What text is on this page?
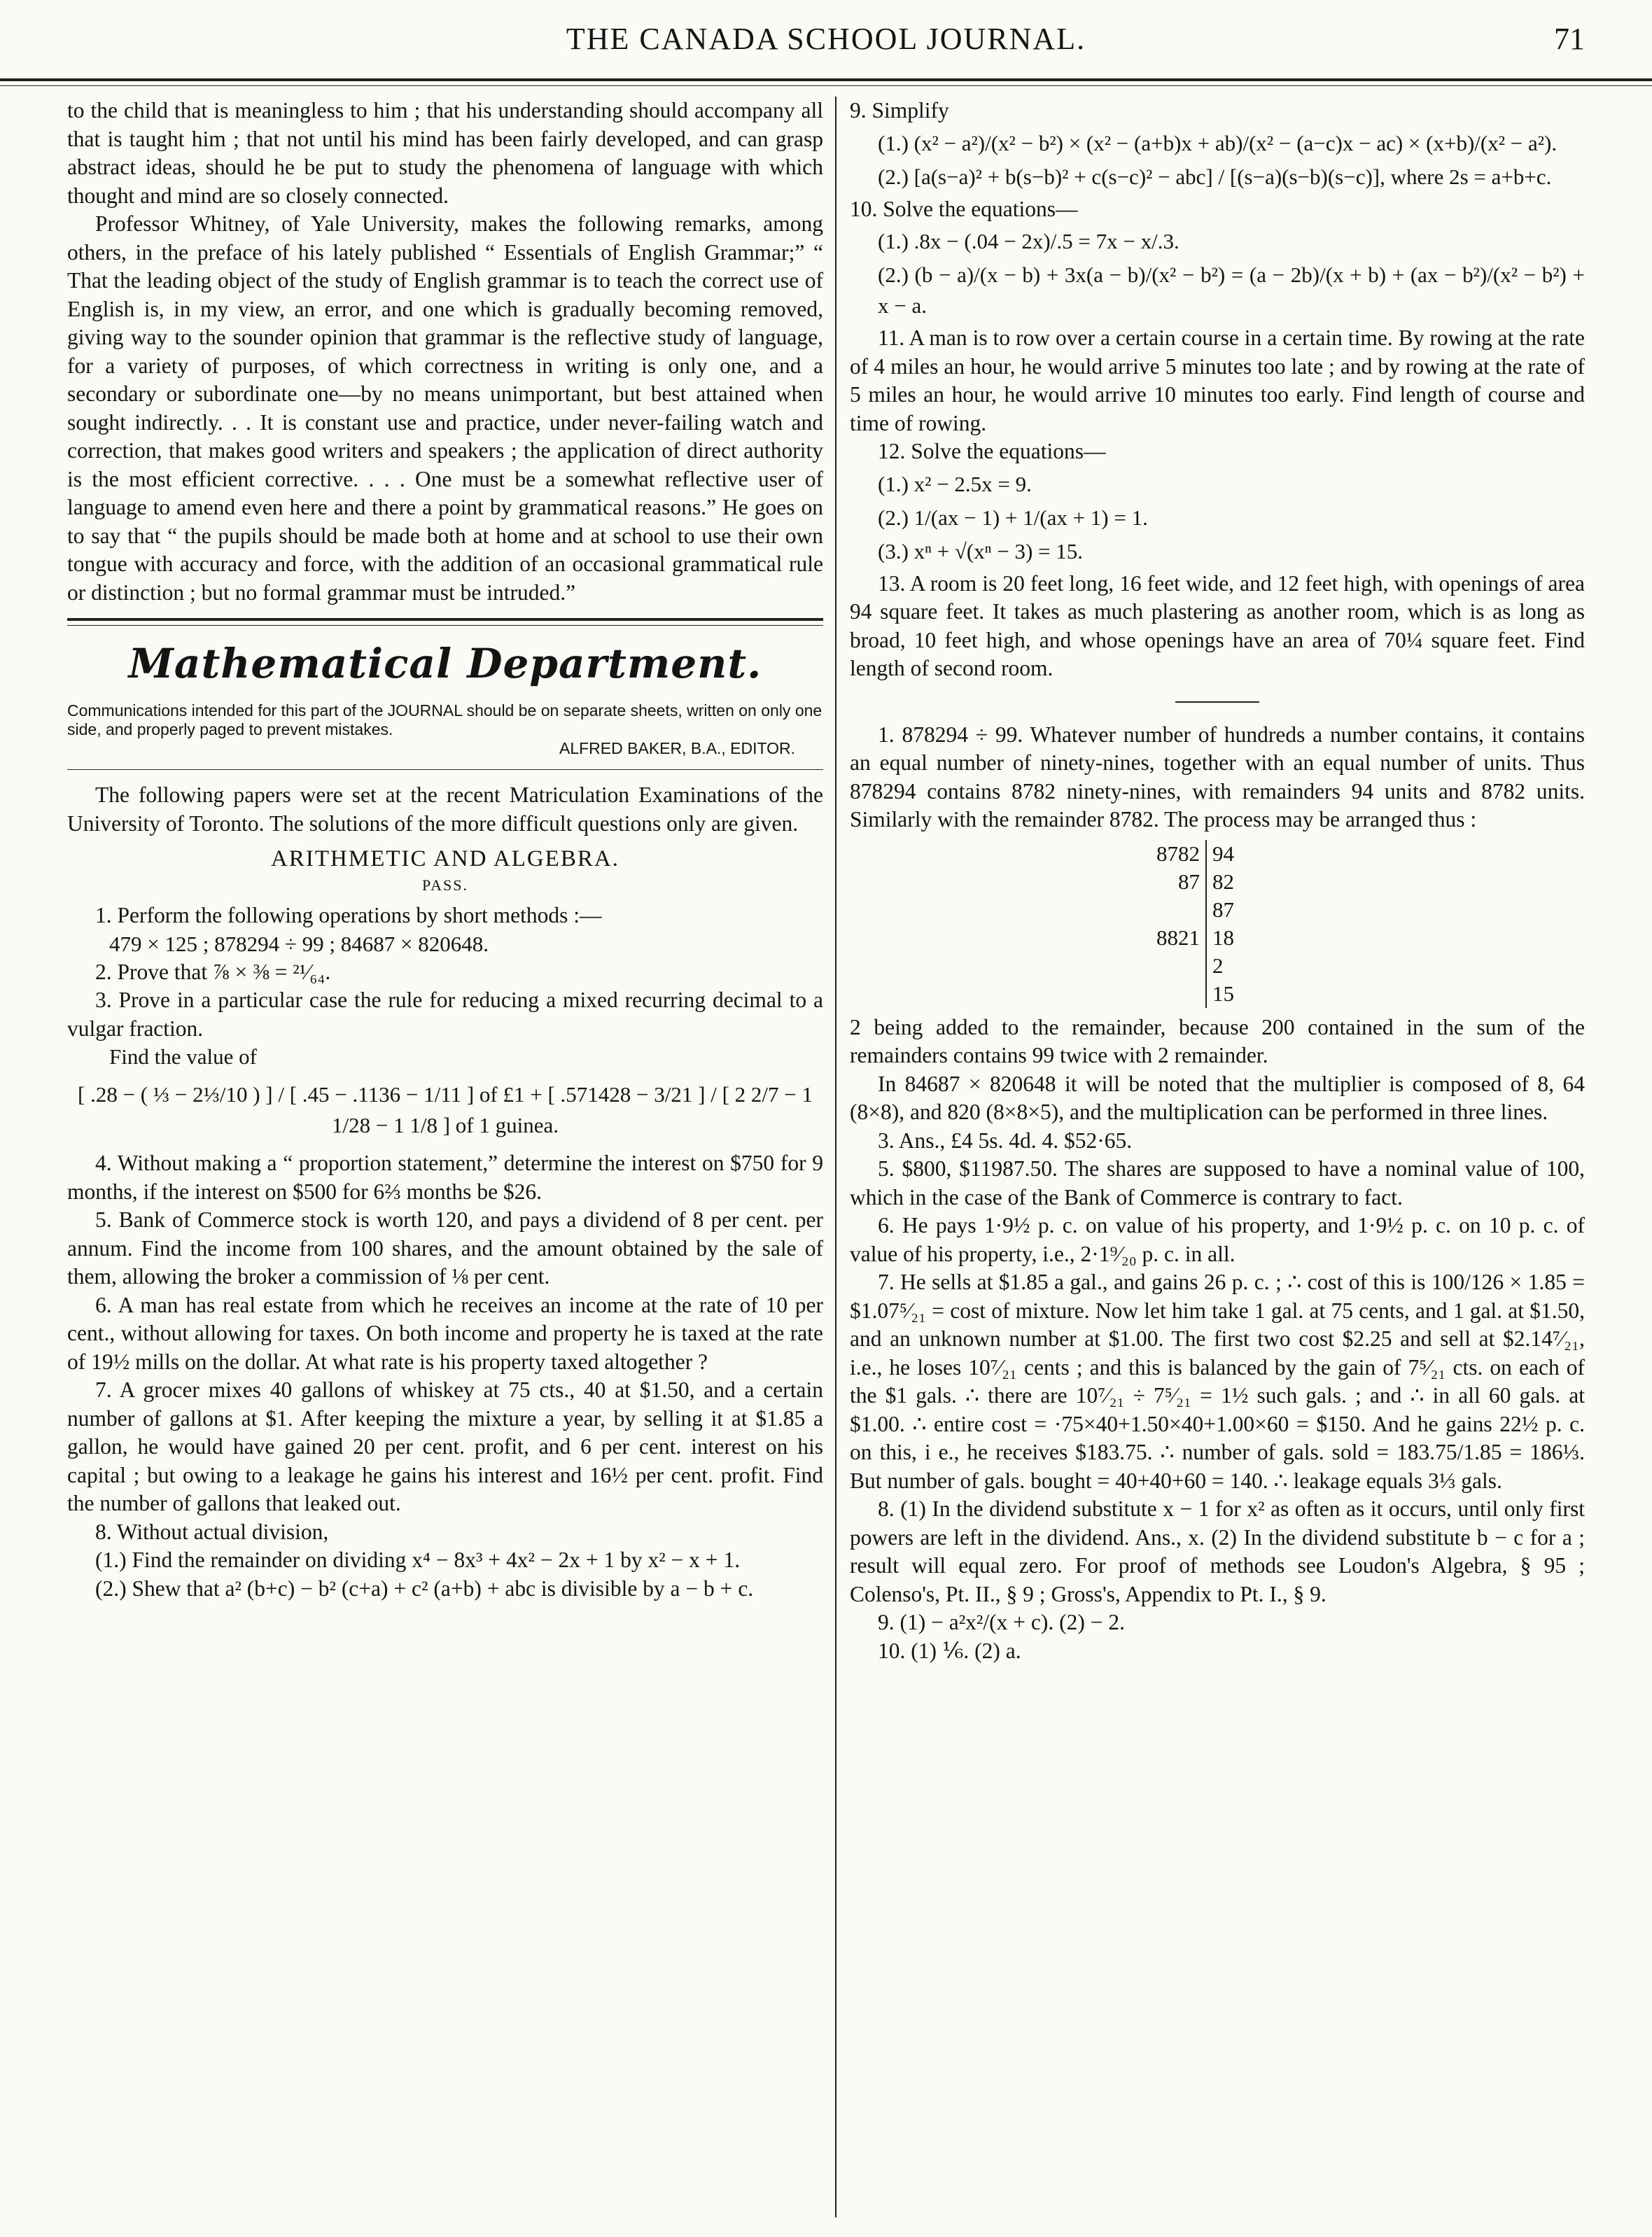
THE CANADA SCHOOL JOURNAL.	71

to the child that is meaningless to him ; that his understanding should accompany all that is taught him ; that not until his mind has been fairly developed, and can grasp abstract ideas, should he be put to study the phenomena of language with which thought and mind are so closely connected.

Professor Whitney, of Yale University, makes the following remarks, among others, in the preface of his lately published “ Essentials of English Grammar;” “ That the leading object of the study of English grammar is to teach the correct use of English is, in my view, an error, and one which is gradually becoming removed, giving way to the sounder opinion that grammar is the reflective study of language, for a variety of purposes, of which correctness in writing is only one, and a secondary or subordinate one—by no means unimportant, but best attained when sought indirectly. . . It is constant use and practice, under never-failing watch and correction, that makes good writers and speakers ; the application of direct authority is the most efficient corrective. . . . One must be a somewhat reflective user of language to amend even here and there a point by grammatical reasons.” He goes on to say that “ the pupils should be made both at home and at school to use their own tongue with accuracy and force, with the addition of an occasional grammatical rule or distinction ; but no formal grammar must be intruded.”

Mathematical Department.

Communications intended for this part of the JOURNAL should be on separate sheets, written on only one side, and properly paged to prevent mistakes.

ALFRED BAKER, B.A., EDITOR.

The following papers were set at the recent Matriculation Examinations of the University of Toronto. The solutions of the more difficult questions only are given.

ARITHMETIC AND ALGEBRA.
PASS.

1. Perform the following operations by short methods :—

479 × 125 ; 878294 ÷ 99 ; 84687 × 820648.

2. Prove that ⅞ × ⅜ = ²¹⁄₆₄.

3. Prove in a particular case the rule for reducing a mixed recurring decimal to a vulgar fraction.

Find the value of

[ .28 − ( ⅓ − 2⅓/10 ) ] / [ .45 − .1136 − 1/11 ] of £1 + [ .571428 − 3/21 ] / [ 2 2/7 − 1 1/28 − 1 1/8 ] of 1 guinea.

4. Without making a “ proportion statement,” determine the interest on $750 for 9 months, if the interest on $500 for 6⅔ months be $26.

5. Bank of Commerce stock is worth 120, and pays a dividend of 8 per cent. per annum. Find the income from 100 shares, and the amount obtained by the sale of them, allowing the broker a commission of ⅛ per cent.

6. A man has real estate from which he receives an income at the rate of 10 per cent., without allowing for taxes. On both income and property he is taxed at the rate of 19½ mills on the dollar. At what rate is his property taxed altogether ?

7. A grocer mixes 40 gallons of whiskey at 75 cts., 40 at $1.50, and a certain number of gallons at $1. After keeping the mixture a year, by selling it at $1.85 a gallon, he would have gained 20 per cent. profit, and 6 per cent. interest on his capital ; but owing to a leakage he gains his interest and 16½ per cent. profit. Find the number of gallons that leaked out.

8. Without actual division,

(1.) Find the remainder on dividing x⁴ − 8x³ + 4x² − 2x + 1 by x² − x + 1.

(2.) Shew that a² (b+c) − b² (c+a) + c² (a+b) + abc is divisible by a − b + c.

9. Simplify

(1.) (x² − a²)/(x² − b²) × (x² − (a+b)x + ab)/(x² − (a−c)x − ac) × (x+b)/(x² − a²).

(2.) [a(s−a)² + b(s−b)² + c(s−c)² − abc] / [(s−a)(s−b)(s−c)], where 2s = a+b+c.

10. Solve the equations—

(1.) .8x − (.04 − 2x)/.5 = 7x − x/.3.

(2.) (b − a)/(x − b) + 3x(a − b)/(x² − b²) = (a − 2b)/(x + b) + (ax − b²)/(x² − b²) + x − a.

11. A man is to row over a certain course in a certain time. By rowing at the rate of 4 miles an hour, he would arrive 5 minutes too late ; and by rowing at the rate of 5 miles an hour, he would arrive 10 minutes too early. Find length of course and time of rowing.

12. Solve the equations—

(1.) x² − 2.5x = 9.

(2.) 1/(ax − 1) + 1/(ax + 1) = 1.

(3.) xⁿ + √(xⁿ − 3) = 15.

13. A room is 20 feet long, 16 feet wide, and 12 feet high, with openings of area 94 square feet. It takes as much plastering as another room, which is as long as broad, 10 feet high, and whose openings have an area of 70¼ square feet. Find length of second room.

1. 878294 ÷ 99. Whatever number of hundreds a number contains, it contains an equal number of ninety-nines, together with an equal number of units. Thus 878294 contains 8782 ninety-nines, with remainders 94 units and 8782 units. Similarly with the remainder 8782. The process may be arranged thus :

8782	94
87	82
	87
8821	18
	2
	15

2 being added to the remainder, because 200 contained in the sum of the remainders contains 99 twice with 2 remainder.

In 84687 × 820648 it will be noted that the multiplier is composed of 8, 64 (8×8), and 820 (8×8×5), and the multiplication can be performed in three lines.

3. Ans., £4 5s. 4d. 4. $52·65.

5. $800, $11987.50. The shares are supposed to have a nominal value of 100, which in the case of the Bank of Commerce is contrary to fact.

6. He pays 1·9½ p. c. on value of his property, and 1·9½ p. c. on 10 p. c. of value of his property, i.e., 2·1⁹⁄₂₀ p. c. in all.

7. He sells at $1.85 a gal., and gains 26 p. c. ; ∴ cost of this is 100/126 × 1.85 = $1.07⁵⁄₂₁ = cost of mixture. Now let him take 1 gal. at 75 cents, and 1 gal. at $1.50, and an unknown number at $1.00. The first two cost $2.25 and sell at $2.14⁷⁄₂₁, i.e., he loses 10⁷⁄₂₁ cents ; and this is balanced by the gain of 7⁵⁄₂₁ cts. on each of the $1 gals. ∴ there are 10⁷⁄₂₁ ÷ 7⁵⁄₂₁ = 1½ such gals. ; and ∴ in all 60 gals. at $1.00. ∴ entire cost = ·75×40+1.50×40+1.00×60 = $150. And he gains 22½ p. c. on this, i e., he receives $183.75. ∴ number of gals. sold = 183.75/1.85 = 186⅓. But number of gals. bought = 40+40+60 = 140. ∴ leakage equals 3⅓ gals.

8. (1) In the dividend substitute x − 1 for x² as often as it occurs, until only first powers are left in the dividend. Ans., x. (2) In the dividend substitute b − c for a ; result will equal zero. For proof of methods see Loudon's Algebra, § 95 ; Colenso's, Pt. II., § 9 ; Gross's, Appendix to Pt. I., § 9.

9. (1) − a²x²/(x + c). (2) − 2.

10. (1) ⅙. (2) a.
